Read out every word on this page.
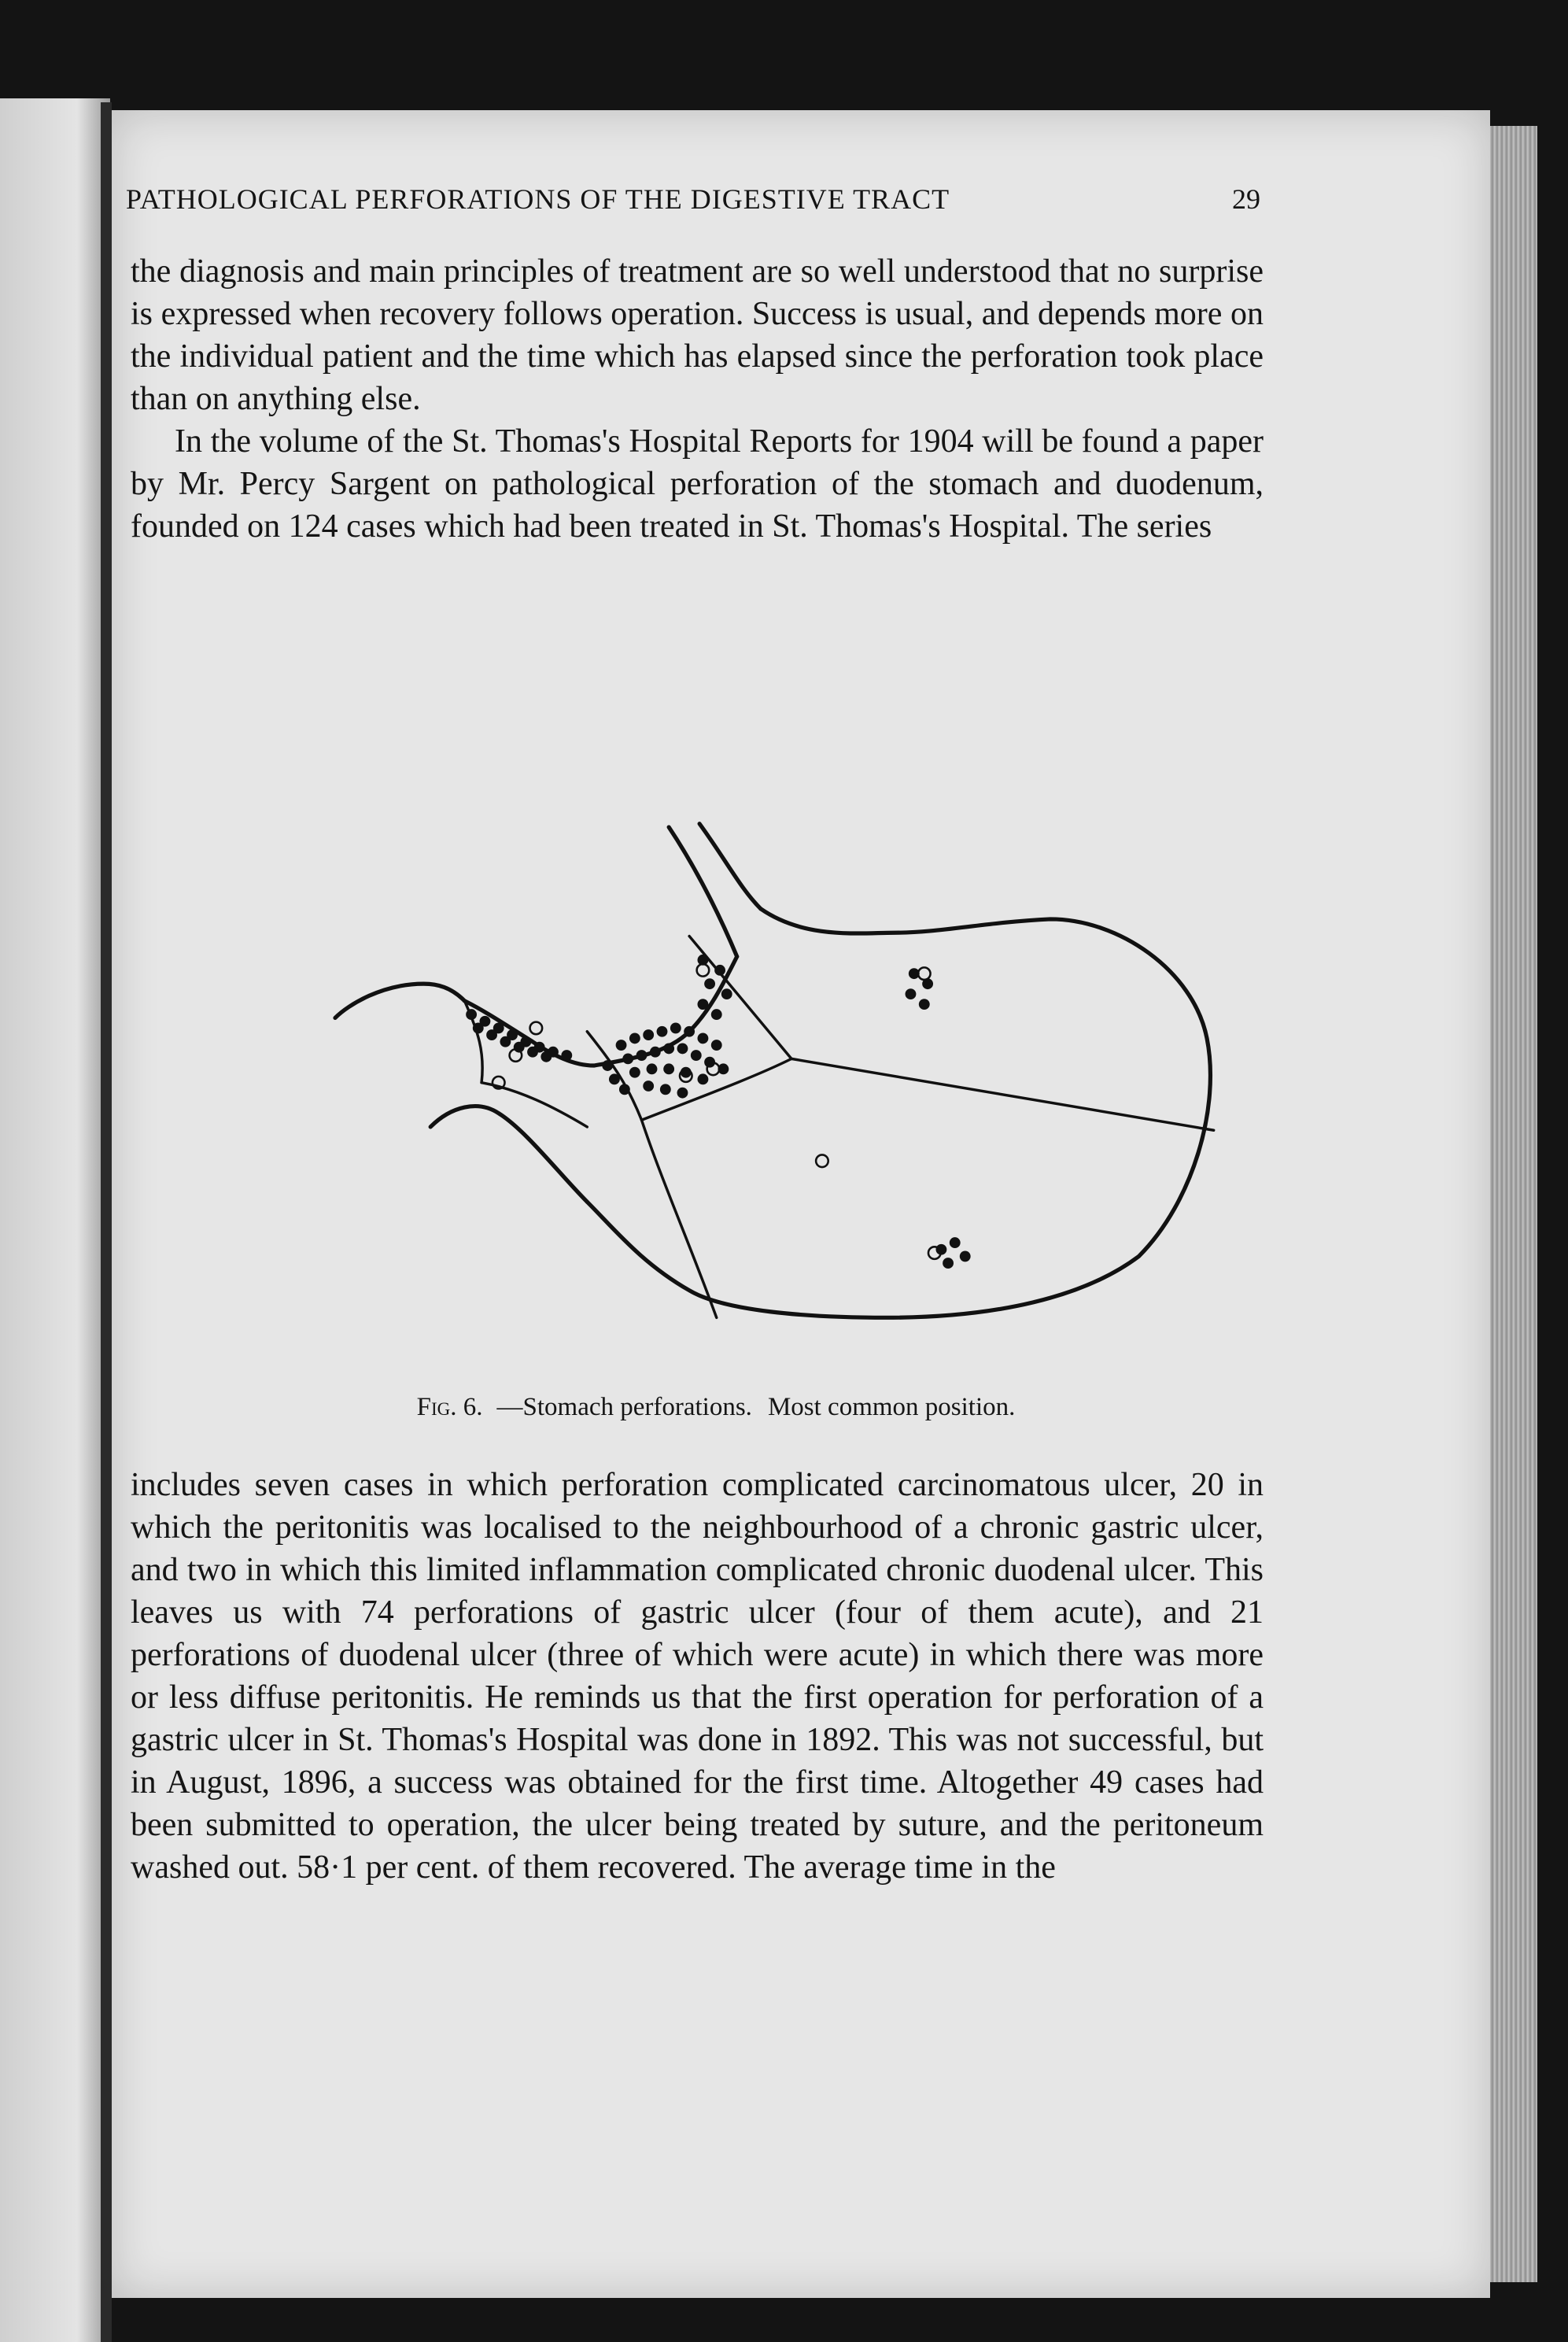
PATHOLOGICAL PERFORATIONS OF THE DIGESTIVE TRACT	29

the diagnosis and main principles of treatment are so well understood that no surprise is expressed when recovery follows operation. Success is usual, and depends more on the individual patient and the time which has elapsed since the perforation took place than on anything else.

In the volume of the St. Thomas's Hospital Reports for 1904 will be found a paper by Mr. Percy Sargent on pathological perforation of the stomach and duodenum, founded on 124 cases which had been treated in St. Thomas's Hospital. The series

Fig. 6. —Stomach perforations. Most common position.

includes seven cases in which perforation complicated carcinomatous ulcer, 20 in which the peritonitis was localised to the neighbourhood of a chronic gastric ulcer, and two in which this limited inflammation complicated chronic duodenal ulcer. This leaves us with 74 perforations of gastric ulcer (four of them acute), and 21 perforations of duodenal ulcer (three of which were acute) in which there was more or less diffuse peritonitis. He reminds us that the first operation for perforation of a gastric ulcer in St. Thomas's Hospital was done in 1892. This was not successful, but in August, 1896, a success was obtained for the first time. Altogether 49 cases had been submitted to operation, the ulcer being treated by suture, and the peritoneum washed out. 58·1 per cent. of them recovered. The average time in the
